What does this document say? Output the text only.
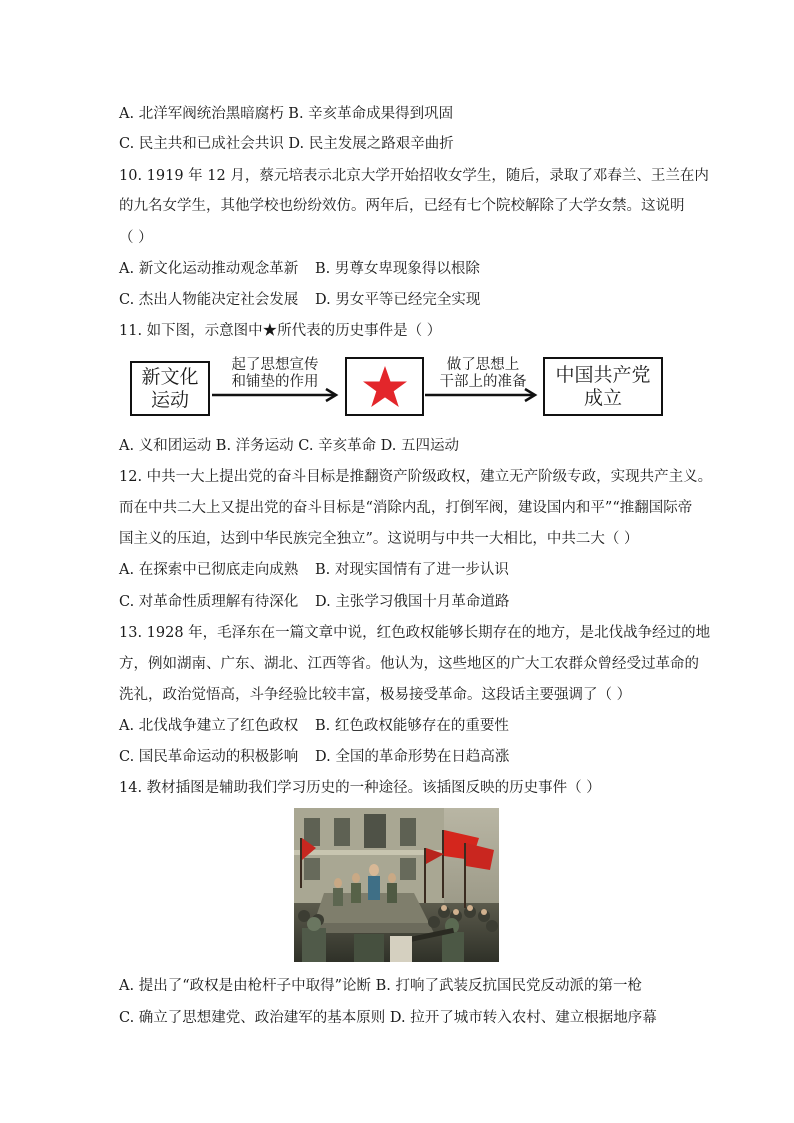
A. 北洋军阀统治黑暗腐朽 B. 辛亥革命成果得到巩固
C. 民主共和已成社会共识 D. 民主发展之路艰辛曲折
10. 1919 年 12 月，蔡元培表示北京大学开始招收女学生，随后，录取了邓春兰、王兰在内
的九名女学生，其他学校也纷纷效仿。两年后，已经有七个院校解除了大学女禁。这说明
（ ）
A. 新文化运动推动观念革新 B. 男尊女卑现象得以根除
C. 杰出人物能决定社会发展 D. 男女平等已经完全实现
11. 如下图，示意图中★所代表的历史事件是（ ）
新文化
运动
起了思想宣传
和铺垫的作用
做了思想上
干部上的准备	中国共产党
成立
A. 义和团运动 B. 洋务运动 C. 辛亥革命 D. 五四运动
12. 中共一大上提出党的奋斗目标是推翻资产阶级政权，建立无产阶级专政，实现共产主义。
而在中共二大上又提出党的奋斗目标是“消除内乱，打倒军阀，建设国内和平”“推翻国际帝
国主义的压迫，达到中华民族完全独立”。这说明与中共一大相比，中共二大（ ）
A. 在探索中已彻底走向成熟 B. 对现实国情有了进一步认识
C. 对革命性质理解有待深化 D. 主张学习俄国十月革命道路
13. 1928 年，毛泽东在一篇文章中说，红色政权能够长期存在的地方，是北伐战争经过的地
方，例如湖南、广东、湖北、江西等省。他认为，这些地区的广大工农群众曾经受过革命的
洗礼，政治觉悟高，斗争经验比较丰富，极易接受革命。这段话主要强调了（ ）
A. 北伐战争建立了红色政权 B. 红色政权能够存在的重要性
C. 国民革命运动的积极影响 D. 全国的革命形势在日趋高涨
14. 教材插图是辅助我们学习历史的一种途径。该插图反映的历史事件（ ）
A. 提出了“政权是由枪杆子中取得”论断 B. 打响了武装反抗国民党反动派的第一枪
C. 确立了思想建党、政治建军的基本原则 D. 拉开了城市转入农村、建立根据地序幕
